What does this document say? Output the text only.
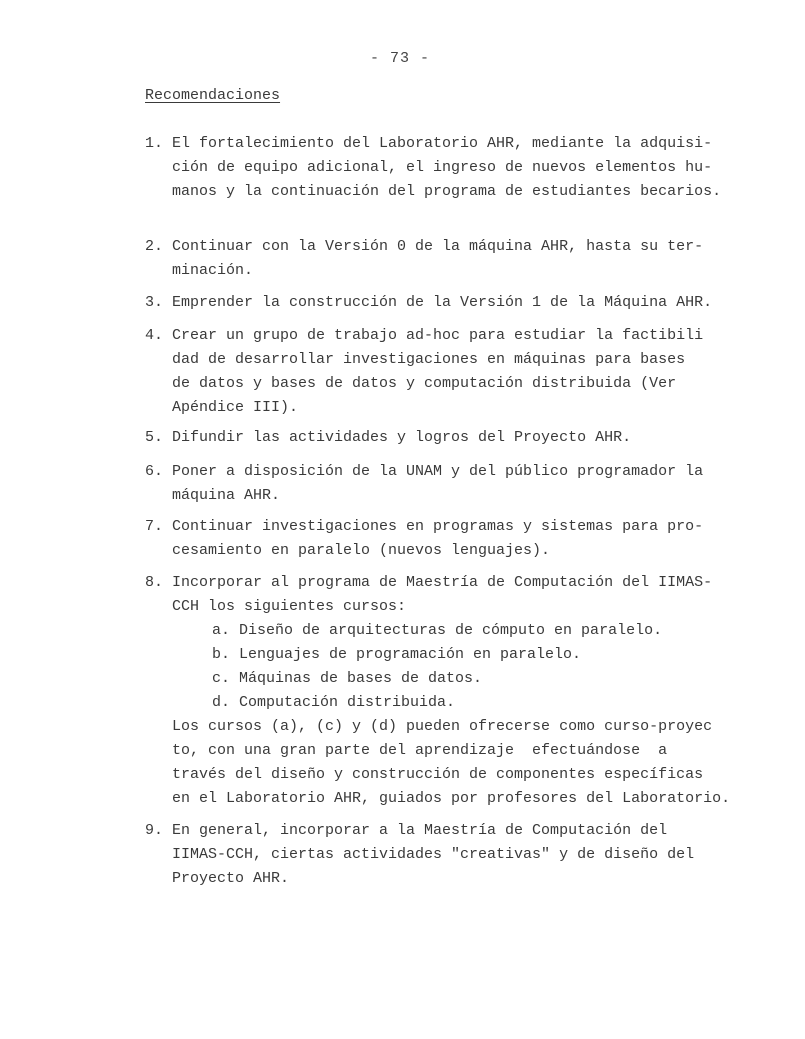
- 73 -
Recomendaciones
1. El fortalecimiento del Laboratorio AHR, mediante la adquisi-
ción de equipo adicional, el ingreso de nuevos elementos hu-
manos y la continuación del programa de estudiantes becarios.
2. Continuar con la Versión 0 de la máquina AHR, hasta su ter-
minación.
3. Emprender la construcción de la Versión 1 de la Máquina AHR.
4. Crear un grupo de trabajo ad-hoc para estudiar la factibili
dad de desarrollar investigaciones en máquinas para bases
de datos y bases de datos y computación distribuida (Ver
Apéndice III).
5. Difundir las actividades y logros del Proyecto AHR.
6. Poner a disposición de la UNAM y del público programador la
máquina AHR.
7. Continuar investigaciones en programas y sistemas para pro-
cesamiento en paralelo (nuevos lenguajes).
8. Incorporar al programa de Maestría de Computación del IIMAS-
CCH los siguientes cursos:
a. Diseño de arquitecturas de cómputo en paralelo.
b. Lenguajes de programación en paralelo.
c. Máquinas de bases de datos.
d. Computación distribuida.
Los cursos (a), (c) y (d) pueden ofrecerse como curso-proyec
to, con una gran parte del aprendizaje  efectuándose  a
través del diseño y construcción de componentes específicas
en el Laboratorio AHR, guiados por profesores del Laboratorio.
9. En general, incorporar a la Maestría de Computación del
IIMAS-CCH, ciertas actividades "creativas" y de diseño del
Proyecto AHR.
